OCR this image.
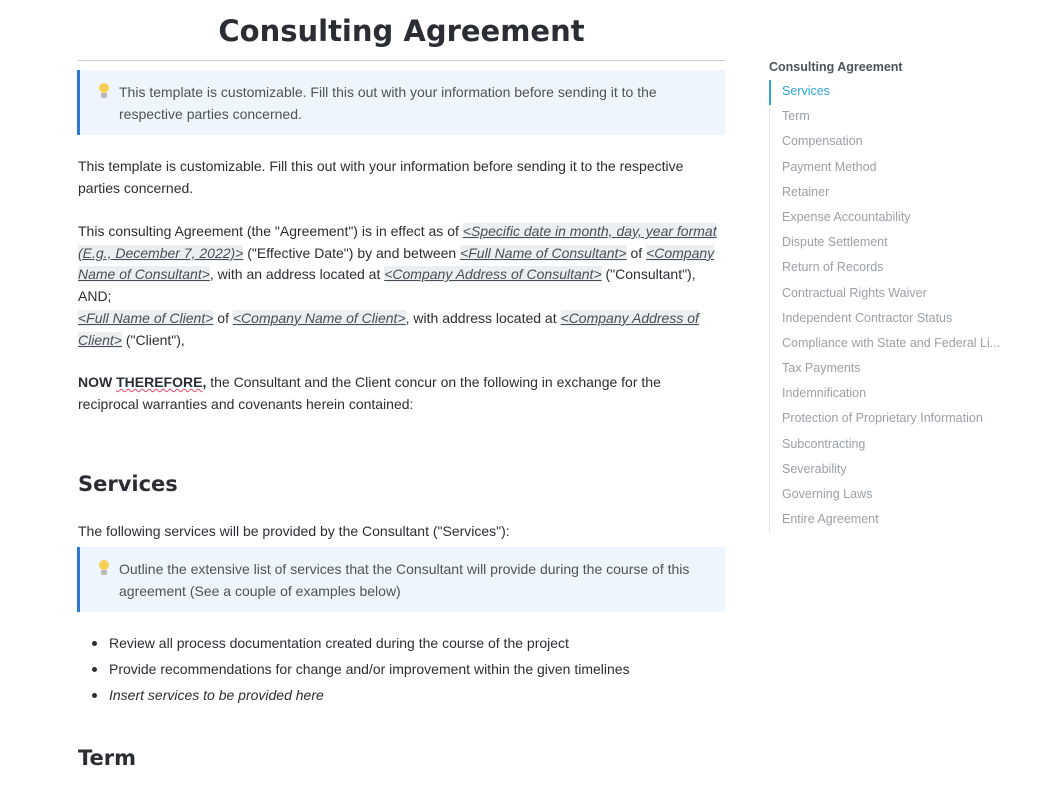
Consulting Agreement
This template is customizable. Fill this out with your information before sending it to the respective parties concerned.
This template is customizable. Fill this out with your information before sending it to the respective parties concerned.
This consulting Agreement (the "Agreement") is in effect as of <Specific date in month, day, year format (E.g., December 7, 2022)> ("Effective Date") by and between <Full Name of Consultant> of <Company Name of Consultant>, with an address located at <Company Address of Consultant> ("Consultant"), AND;
<Full Name of Client> of <Company Name of Client>, with address located at <Company Address of Client> ("Client"),
NOW THEREFORE, the Consultant and the Client concur on the following in exchange for the reciprocal warranties and covenants herein contained:
Services
The following services will be provided by the Consultant ("Services"):
Outline the extensive list of services that the Consultant will provide during the course of this agreement (See a couple of examples below)
Review all process documentation created during the course of the project
Provide recommendations for change and/or improvement within the given timelines
Insert services to be provided here
Term
Consulting Agreement
Services
Term
Compensation
Payment Method
Retainer
Expense Accountability
Dispute Settlement
Return of Records
Contractual Rights Waiver
Independent Contractor Status
Compliance with State and Federal Li...
Tax Payments
Indemnification
Protection of Proprietary Information
Subcontracting
Severability
Governing Laws
Entire Agreement
